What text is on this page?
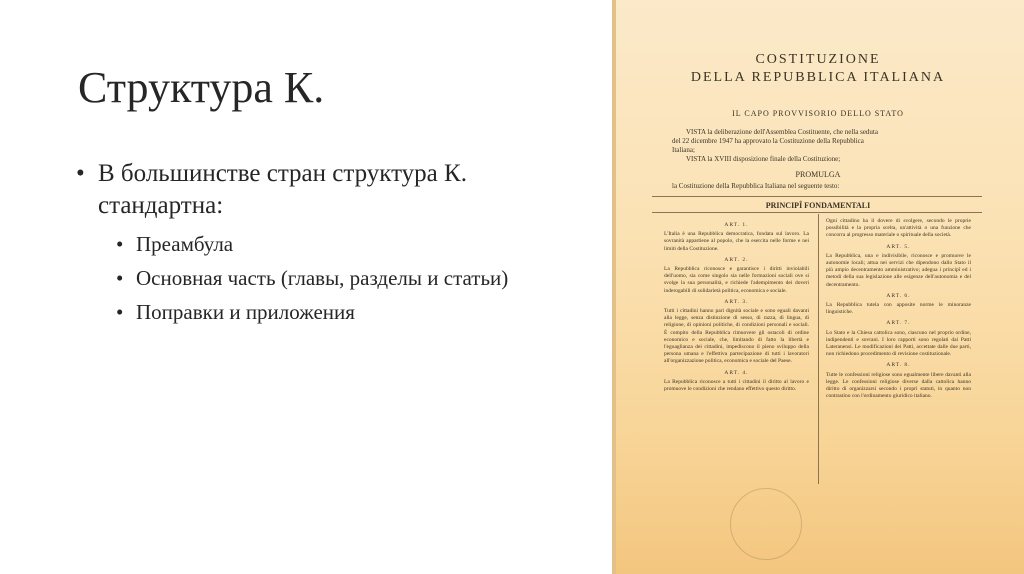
Структура К.
• В большинстве стран структура К. стандартна:
• Преамбула
• Основная часть (главы, разделы и статьи)
• Поправки и приложения
COSTITUZIONE
DELLA REPUBBLICA ITALIANA
IL CAPO PROVVISORIO DELLO STATO
VISTA la deliberazione dell'Assemblea Costituente, che nella seduta
del 22 dicembre 1947 ha approvato la Costituzione della Repubblica
Italiana;
VISTA la XVIII disposizione finale della Costituzione;
PROMULGA
la Costituzione della Repubblica Italiana nel seguente testo:
PRINCIPÎ FONDAMENTALI
ART. 1.

L'Italia è una Repubblica democratica, fondata sul lavoro. La sovranità appartiene al popolo, che la esercita nelle forme e nei limiti della Costituzione.

ART. 2.

La Repubblica riconosce e garantisce i diritti inviolabili dell'uomo, sia come singolo sia nelle formazioni sociali ove si svolge la sua personalità, e richiede l'adempimento dei doveri inderogabili di solidarietà politica, economica e sociale.

ART. 3.

Tutti i cittadini hanno pari dignità sociale e sono eguali davanti alla legge, senza distinzione di sesso, di razza, di lingua, di religione, di opinioni politiche, di condizioni personali e sociali. È compito della Repubblica rimuovere gli ostacoli di ordine economico e sociale, che, limitando di fatto la libertà e l'eguaglianza dei cittadini, impediscono il pieno sviluppo della persona umana e l'effettiva partecipazione di tutti i lavoratori all'organizzazione politica, economica e sociale del Paese.

ART. 4.

La Repubblica riconosce a tutti i cittadini il diritto al lavoro e promuove le condizioni che rendano effettivo questo diritto.

Ogni cittadino ha il dovere di svolgere, secondo le proprie possibilità e la propria scelta, un'attività o una funzione che concorra al progresso materiale o spirituale della società.

ART. 5.

La Repubblica, una e indivisibile, riconosce e promuove le autonomie locali; attua nei servizi che dipendono dallo Stato il più ampio decentramento amministrativo; adegua i principî ed i metodi della sua legislazione alle esigenze dell'autonomia e del decentramento.

ART. 6.

La Repubblica tutela con apposite norme le minoranze linguistiche.

ART. 7.

Lo Stato e la Chiesa cattolica sono, ciascuno nel proprio ordine, indipendenti e sovrani. I loro rapporti sono regolati dai Patti Lateranensi. Le modificazioni dei Patti, accettate dalle due parti, non richiedono procedimento di revisione costituzionale.

ART. 8.

Tutte le confessioni religiose sono egualmente libere davanti alla legge. Le confessioni religiose diverse dalla cattolica hanno diritto di organizzarsi secondo i propri statuti, in quanto non contrastino con l'ordinamento giuridico italiano.
